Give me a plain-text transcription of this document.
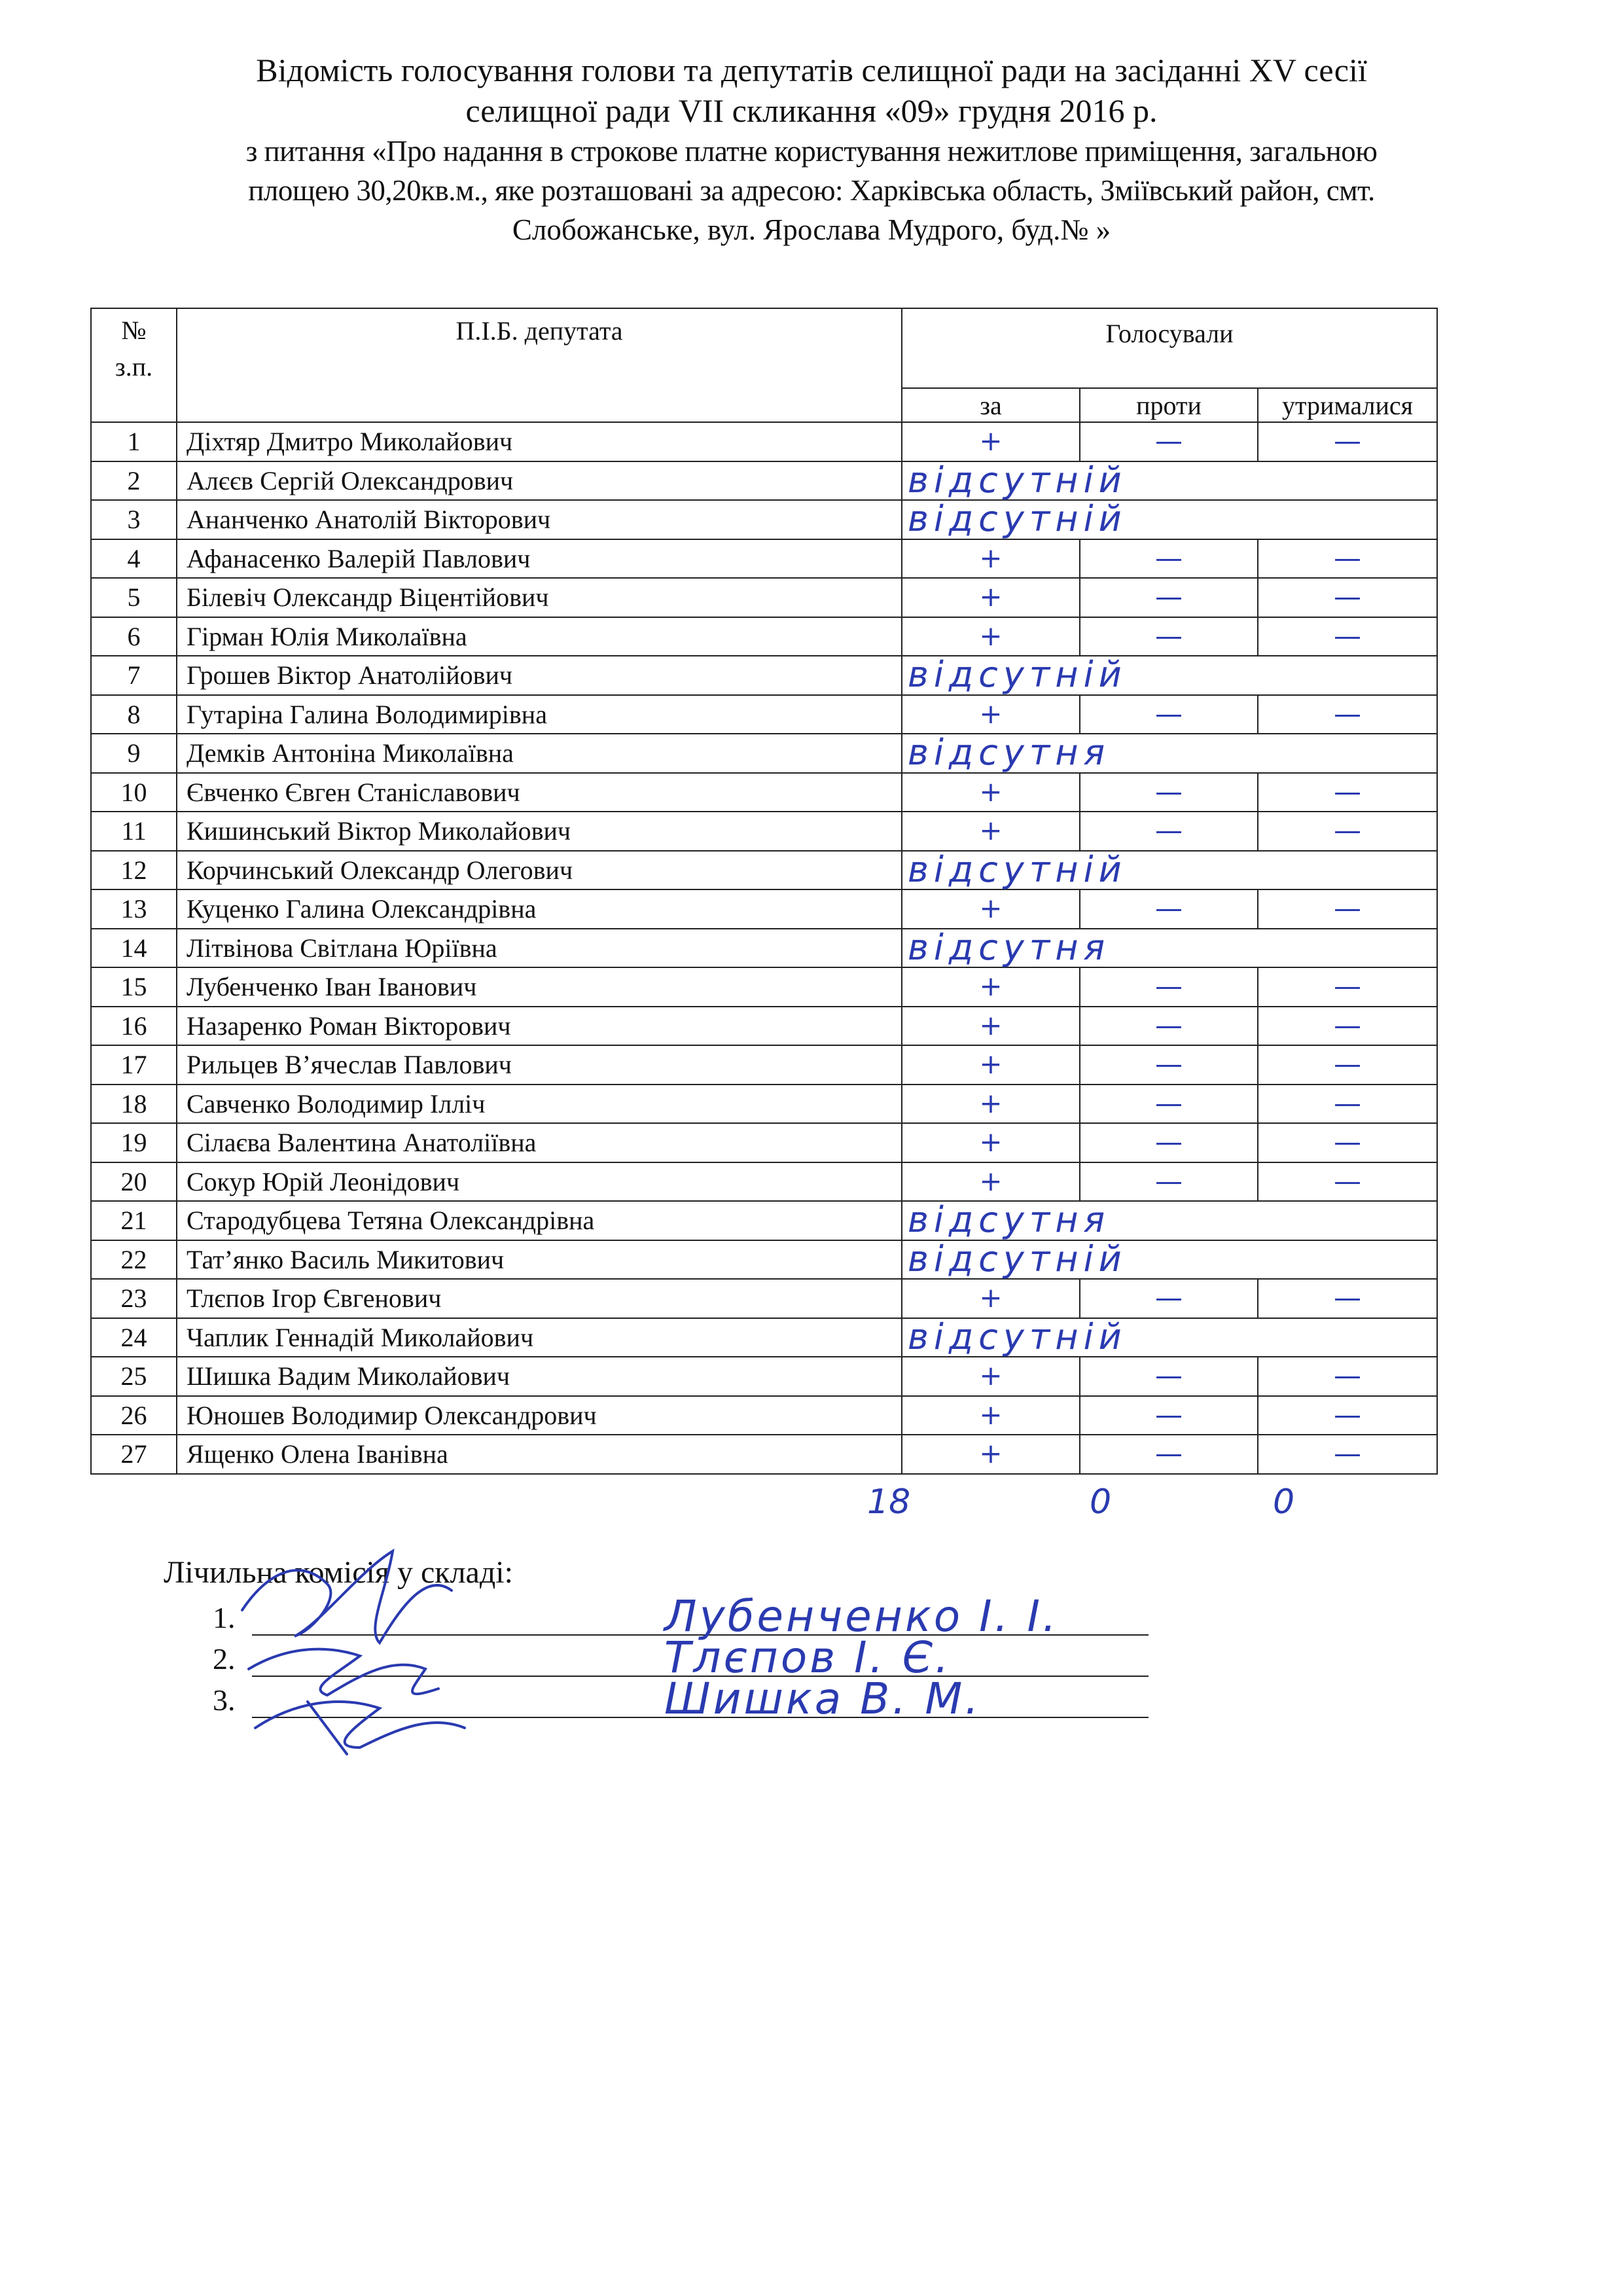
Відомість голосування голови та депутатів селищної ради на засіданні XV сесії
селищної ради VII скликання «09» грудня 2016 р.
з питання «Про надання в строкове платне користування нежитлове приміщення, загальною
площею 30,20кв.м., яке розташовані за адресою: Харківська область, Зміївський район, смт.
Слобожанське, вул. Ярослава Мудрого, буд.№ »
№
з.п.	П.І.Б. депутата	Голосували		

		за	проти	утрималися
1	Діхтяр Дмитро Миколайович	+	—	—
2	Алєєв Сергій Олександрович	відсутній		

3	Ананченко Анатолій Вікторович	відсутній		

4	Афанасенко Валерій Павлович	+	—	—
5	Білевіч Олександр Віцентійович	+	—	—
6	Гірман Юлія Миколаївна	+	—	—
7	Грошев Віктор Анатолійович	відсутній		

8	Гутаріна Галина Володимирівна	+	—	—
9	Демків Антоніна Миколаївна	відсутня		

10	Євченко Євген Станіславович	+	—	—
11	Кишинський Віктор Миколайович	+	—	—
12	Корчинський Олександр Олегович	відсутній		

13	Куценко Галина Олександрівна	+	—	—
14	Літвінова Світлана Юріївна	відсутня		

15	Лубенченко Іван Іванович	+	—	—
16	Назаренко Роман Вікторович	+	—	—
17	Рильцев В’ячеслав Павлович	+	—	—
18	Савченко Володимир Ілліч	+	—	—
19	Сілаєва Валентина Анатоліївна	+	—	—
20	Сокур Юрій Леонідович	+	—	—
21	Стародубцева Тетяна Олександрівна	відсутня		

22	Тат’янко Василь Микитович	відсутній		

23	Тлєпов Ігор Євгенович	+	—	—
24	Чаплик Геннадій Миколайович	відсутній		

25	Шишка Вадим Миколайович	+	—	—
26	Юношев Володимир Олександрович	+	—	—
27	Ященко Олена Іванівна	+	—	—
18	0	0
Лічильна комісія у складі:
1.	Лубенченко І. І.
2.	Тлєпов І. Є.
3.	Шишка В. М.
